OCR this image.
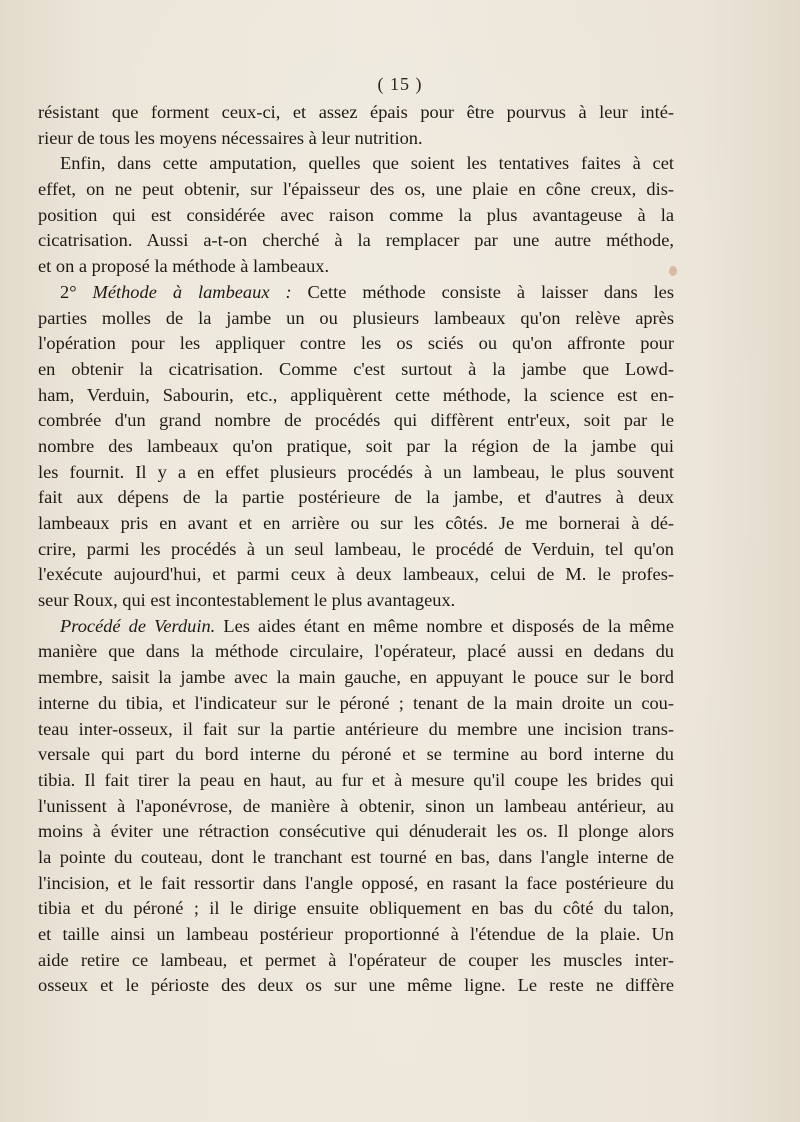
( 15 )
résistant que forment ceux-ci, et assez épais pour être pourvus à leur inté-
rieur de tous les moyens nécessaires à leur nutrition.
Enfin, dans cette amputation, quelles que soient les tentatives faites à cet
effet, on ne peut obtenir, sur l'épaisseur des os, une plaie en cône creux, dis-
position qui est considérée avec raison comme la plus avantageuse à la
cicatrisation. Aussi a-t-on cherché à la remplacer par une autre méthode,
et on a proposé la méthode à lambeaux.
2° Méthode à lambeaux : Cette méthode consiste à laisser dans les
parties molles de la jambe un ou plusieurs lambeaux qu'on relève après
l'opération pour les appliquer contre les os sciés ou qu'on affronte pour
en obtenir la cicatrisation. Comme c'est surtout à la jambe que Lowd-
ham, Verduin, Sabourin, etc., appliquèrent cette méthode, la science est en-
combrée d'un grand nombre de procédés qui diffèrent entr'eux, soit par le
nombre des lambeaux qu'on pratique, soit par la région de la jambe qui
les fournit. Il y a en effet plusieurs procédés à un lambeau, le plus souvent
fait aux dépens de la partie postérieure de la jambe, et d'autres à deux
lambeaux pris en avant et en arrière ou sur les côtés. Je me bornerai à dé-
crire, parmi les procédés à un seul lambeau, le procédé de Verduin, tel qu'on
l'exécute aujourd'hui, et parmi ceux à deux lambeaux, celui de M. le profes-
seur Roux, qui est incontestablement le plus avantageux.
Procédé de Verduin. Les aides étant en même nombre et disposés de la même
manière que dans la méthode circulaire, l'opérateur, placé aussi en dedans du
membre, saisit la jambe avec la main gauche, en appuyant le pouce sur le bord
interne du tibia, et l'indicateur sur le péroné ; tenant de la main droite un cou-
teau inter-osseux, il fait sur la partie antérieure du membre une incision trans-
versale qui part du bord interne du péroné et se termine au bord interne du
tibia. Il fait tirer la peau en haut, au fur et à mesure qu'il coupe les brides qui
l'unissent à l'aponévrose, de manière à obtenir, sinon un lambeau antérieur, au
moins à éviter une rétraction consécutive qui dénuderait les os. Il plonge alors
la pointe du couteau, dont le tranchant est tourné en bas, dans l'angle interne de
l'incision, et le fait ressortir dans l'angle opposé, en rasant la face postérieure du
tibia et du péroné ; il le dirige ensuite obliquement en bas du côté du talon,
et taille ainsi un lambeau postérieur proportionné à l'étendue de la plaie. Un
aide retire ce lambeau, et permet à l'opérateur de couper les muscles inter-
osseux et le périoste des deux os sur une même ligne. Le reste ne diffère
